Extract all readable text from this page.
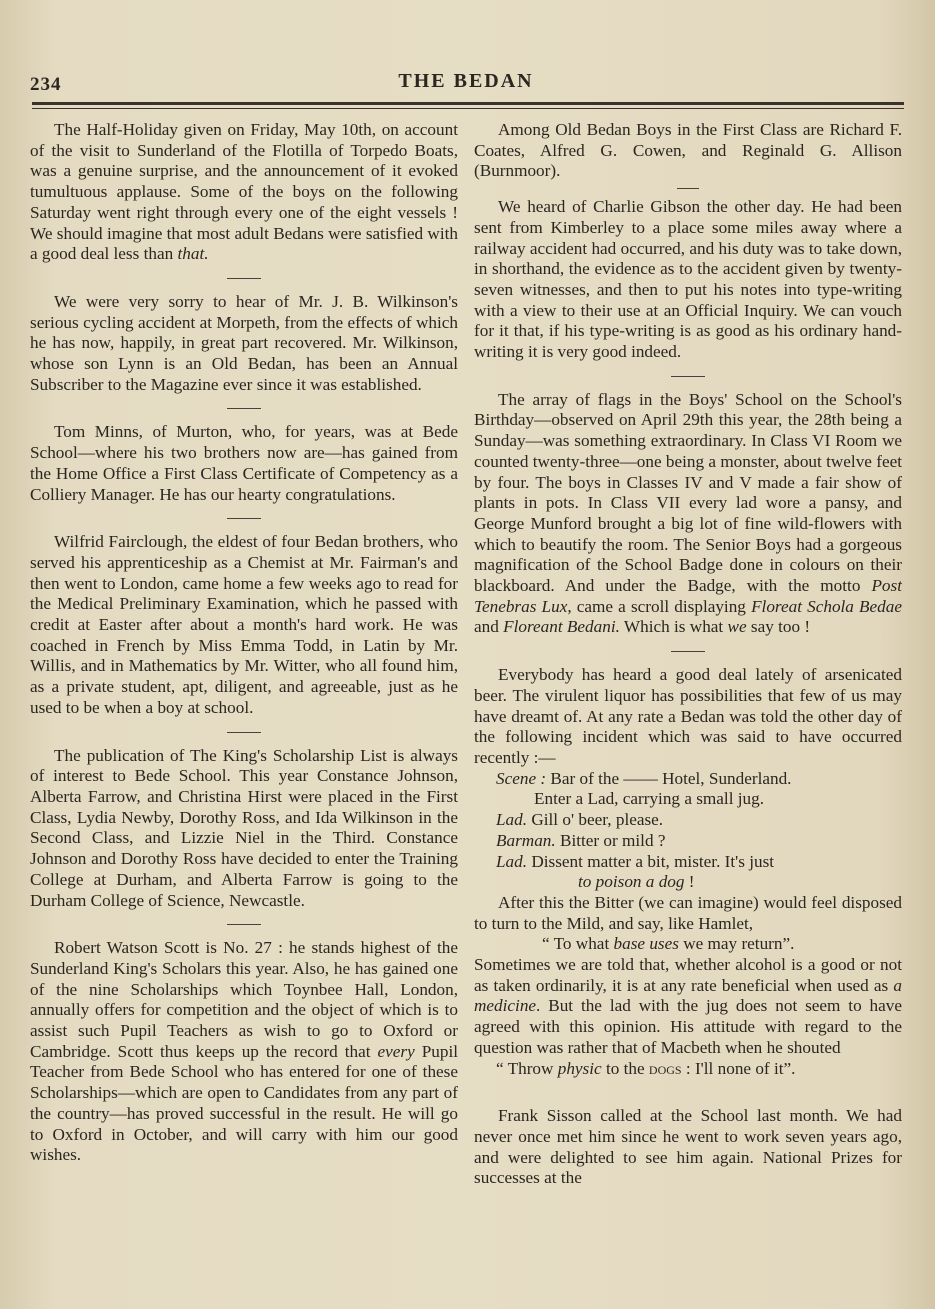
234	THE BEDAN

The Half-Holiday given on Friday, May 10th, on account of the visit to Sunderland of the Flotilla of Torpedo Boats, was a genuine surprise, and the announcement of it evoked tumultuous applause. Some of the boys on the following Saturday went right through every one of the eight vessels ! We should imagine that most adult Bedans were satisfied with a good deal less than that.

We were very sorry to hear of Mr. J. B. Wilkinson's serious cycling accident at Morpeth, from the effects of which he has now, happily, in great part recovered. Mr. Wilkinson, whose son Lynn is an Old Bedan, has been an Annual Subscriber to the Magazine ever since it was established.

Tom Minns, of Murton, who, for years, was at Bede School—where his two brothers now are—has gained from the Home Office a First Class Certificate of Competency as a Colliery Manager. He has our hearty congratulations.

Wilfrid Fairclough, the eldest of four Bedan brothers, who served his apprenticeship as a Chemist at Mr. Fairman's and then went to London, came home a few weeks ago to read for the Medical Preliminary Examination, which he passed with credit at Easter after about a month's hard work. He was coached in French by Miss Emma Todd, in Latin by Mr. Willis, and in Mathematics by Mr. Witter, who all found him, as a private student, apt, diligent, and agreeable, just as he used to be when a boy at school.

The publication of The King's Scholarship List is always of interest to Bede School. This year Constance Johnson, Alberta Farrow, and Christina Hirst were placed in the First Class, Lydia Newby, Dorothy Ross, and Ida Wilkinson in the Second Class, and Lizzie Niel in the Third. Constance Johnson and Dorothy Ross have decided to enter the Training College at Durham, and Alberta Farrow is going to the Durham College of Science, Newcastle.

Robert Watson Scott is No. 27 : he stands highest of the Sunderland King's Scholars this year. Also, he has gained one of the nine Scholarships which Toynbee Hall, London, annually offers for competition and the object of which is to assist such Pupil Teachers as wish to go to Oxford or Cambridge. Scott thus keeps up the record that every Pupil Teacher from Bede School who has entered for one of these Scholarships—which are open to Candidates from any part of the country—has proved successful in the result. He will go to Oxford in October, and will carry with him our good wishes.

Among Old Bedan Boys in the First Class are Richard F. Coates, Alfred G. Cowen, and Reginald G. Allison (Burnmoor).

We heard of Charlie Gibson the other day. He had been sent from Kimberley to a place some miles away where a railway accident had occurred, and his duty was to take down, in shorthand, the evidence as to the accident given by twenty-seven witnesses, and then to put his notes into type-writing with a view to their use at an Official Inquiry. We can vouch for it that, if his type-writing is as good as his ordinary hand-writing it is very good indeed.

The array of flags in the Boys' School on the School's Birthday—observed on April 29th this year, the 28th being a Sunday—was something extraordinary. In Class VI Room we counted twenty-three—one being a monster, about twelve feet by four. The boys in Classes IV and V made a fair show of plants in pots. In Class VII every lad wore a pansy, and George Munford brought a big lot of fine wild-flowers with which to beautify the room. The Senior Boys had a gorgeous magnification of the School Badge done in colours on their blackboard. And under the Badge, with the motto Post Tenebras Lux, came a scroll displaying Floreat Schola Bedae and Floreant Bedani. Which is what we say too !

Everybody has heard a good deal lately of arsenicated beer. The virulent liquor has possibilities that few of us may have dreamt of. At any rate a Bedan was told the other day of the following incident which was said to have occurred recently :—

Scene : Bar of the —— Hotel, Sunderland.

Enter a Lad, carrying a small jug.

Lad. Gill o' beer, please.

Barman. Bitter or mild ?

Lad. Dissent matter a bit, mister. It's just

to poison a dog !

After this the Bitter (we can imagine) would feel disposed to turn to the Mild, and say, like Hamlet,

“ To what base uses we may return”.

Sometimes we are told that, whether alcohol is a good or not as taken ordinarily, it is at any rate beneficial when used as a medicine. But the lad with the jug does not seem to have agreed with this opinion. His attitude with regard to the question was rather that of Macbeth when he shouted

“ Throw physic to the dogs : I'll none of it”.

Frank Sisson called at the School last month. We had never once met him since he went to work seven years ago, and were delighted to see him again. National Prizes for successes at the
